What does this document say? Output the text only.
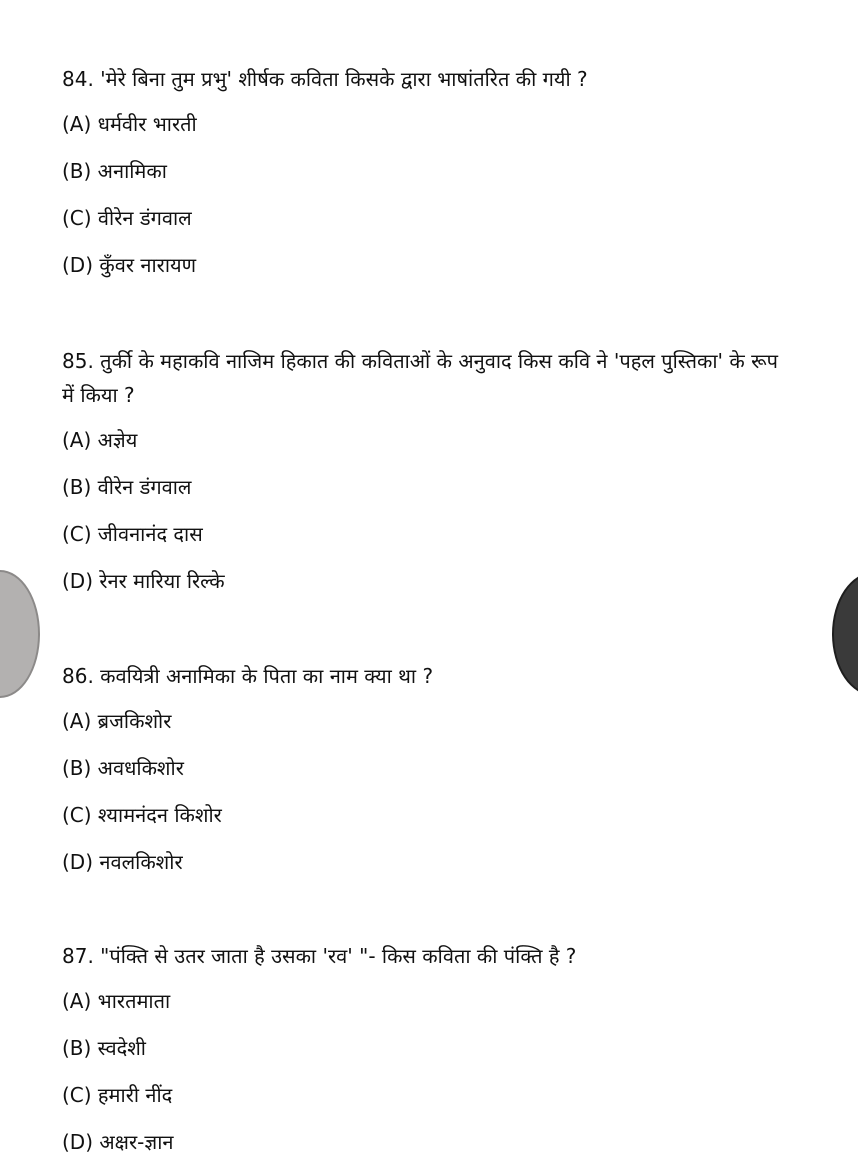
84. 'मेरे बिना तुम प्रभु' शीर्षक कविता किसके द्वारा भाषांतरित की गयी ?

(A) धर्मवीर भारती
(B) अनामिका
(C) वीरेन डंगवाल
(D) कुँवर नारायण

85. तुर्की के महाकवि नाजिम हिकात की कविताओं के अनुवाद किस कवि ने 'पहल पुस्तिका' के रूप में किया ?

(A) अज्ञेय
(B) वीरेन डंगवाल
(C) जीवनानंद दास
(D) रेनर मारिया रिल्के

86. कवयित्री अनामिका के पिता का नाम क्या था ?

(A) ब्रजकिशोर
(B) अवधकिशोर
(C) श्यामनंदन किशोर
(D) नवलकिशोर

87. "पंक्ति से उतर जाता है उसका 'रव' "- किस कविता की पंक्ति है ?

(A) भारतमाता
(B) स्वदेशी
(C) हमारी नींद
(D) अक्षर-ज्ञान
